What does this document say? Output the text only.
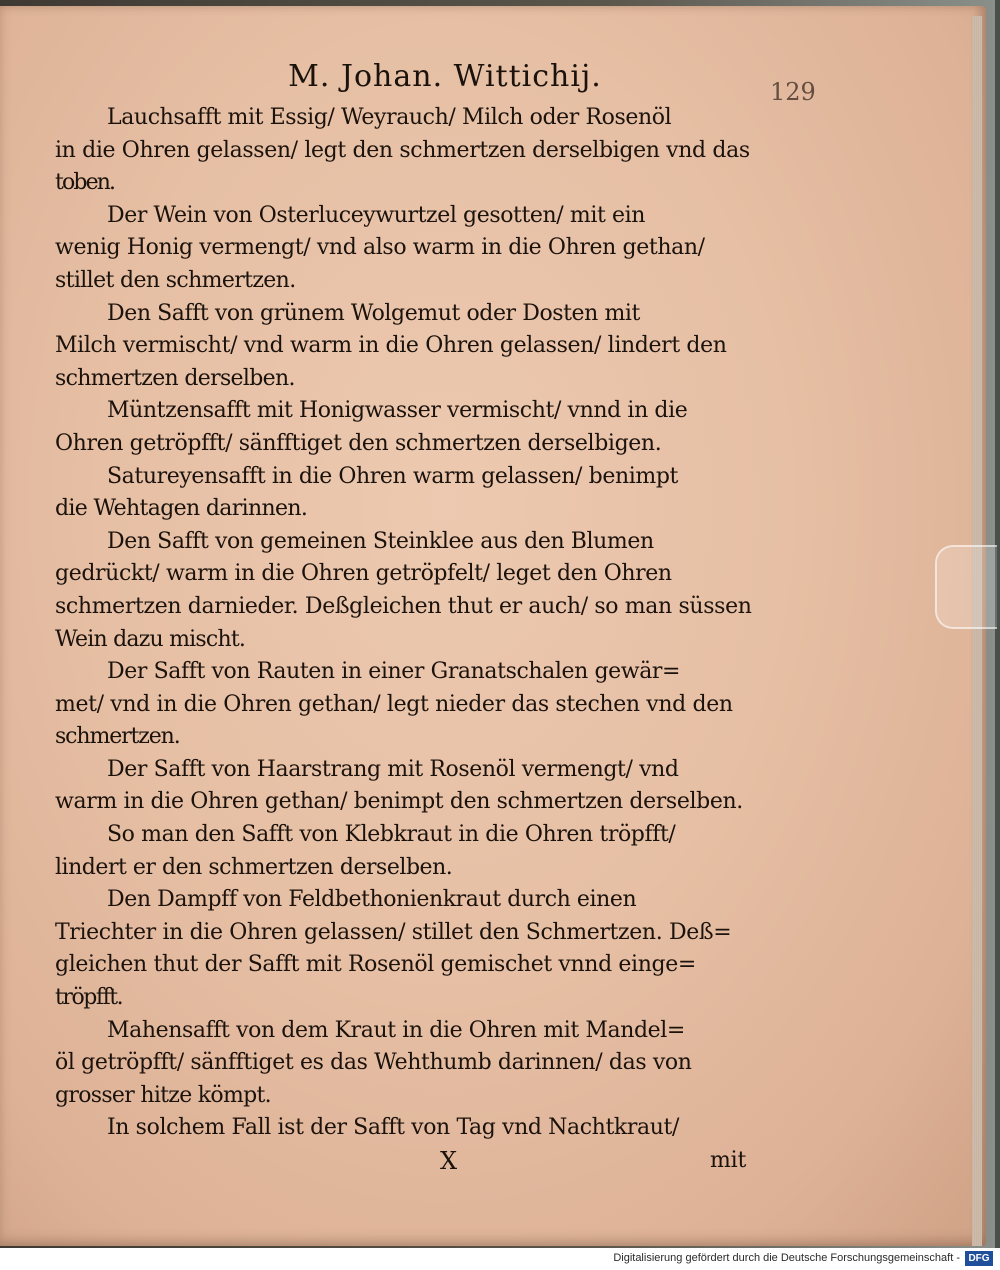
129
M. Johan. Wittichij.
Lauchsafft mit Essig/ Weyrauch/ Milch oder Rosenöl
in die Ohren gelassen/ legt den schmertzen derselbigen vnd das
toben.
Der Wein von Osterluceywurtzel gesotten/ mit ein
wenig Honig vermengt/ vnd also warm in die Ohren gethan/
stillet den schmertzen.
Den Safft von grünem Wolgemut oder Dosten mit
Milch vermischt/ vnd warm in die Ohren gelassen/ lindert den
schmertzen derselben.
Müntzensafft mit Honigwasser vermischt/ vnnd in die
Ohren getröpfft/ sänfftiget den schmertzen derselbigen.
Satureyensafft in die Ohren warm gelassen/ benimpt
die Wehtagen darinnen.
Den Safft von gemeinen Steinklee aus den Blumen
gedrückt/ warm in die Ohren getröpfelt/ leget den Ohren
schmertzen darnieder. Deßgleichen thut er auch/ so man süssen
Wein dazu mischt.
Der Safft von Rauten in einer Granatschalen gewär=
met/ vnd in die Ohren gethan/ legt nieder das stechen vnd den
schmertzen.
Der Safft von Haarstrang mit Rosenöl vermengt/ vnd
warm in die Ohren gethan/ benimpt den schmertzen derselben.
So man den Safft von Klebkraut in die Ohren tröpfft/
lindert er den schmertzen derselben.
Den Dampff von Feldbethonienkraut durch einen
Triechter in die Ohren gelassen/ stillet den Schmertzen. Deß=
gleichen thut der Safft mit Rosenöl gemischet vnnd einge=
tröpfft.
Mahensafft von dem Kraut in die Ohren mit Mandel=
öl getröpfft/ sänfftiget es das Wehthumb darinnen/ das von
grosser hitze kömpt.
In solchem Fall ist der Safft von Tag vnd Nachtkraut/
X	mit
Digitalisierung gefördert durch die Deutsche Forschungsgemeinschaft - DFG
